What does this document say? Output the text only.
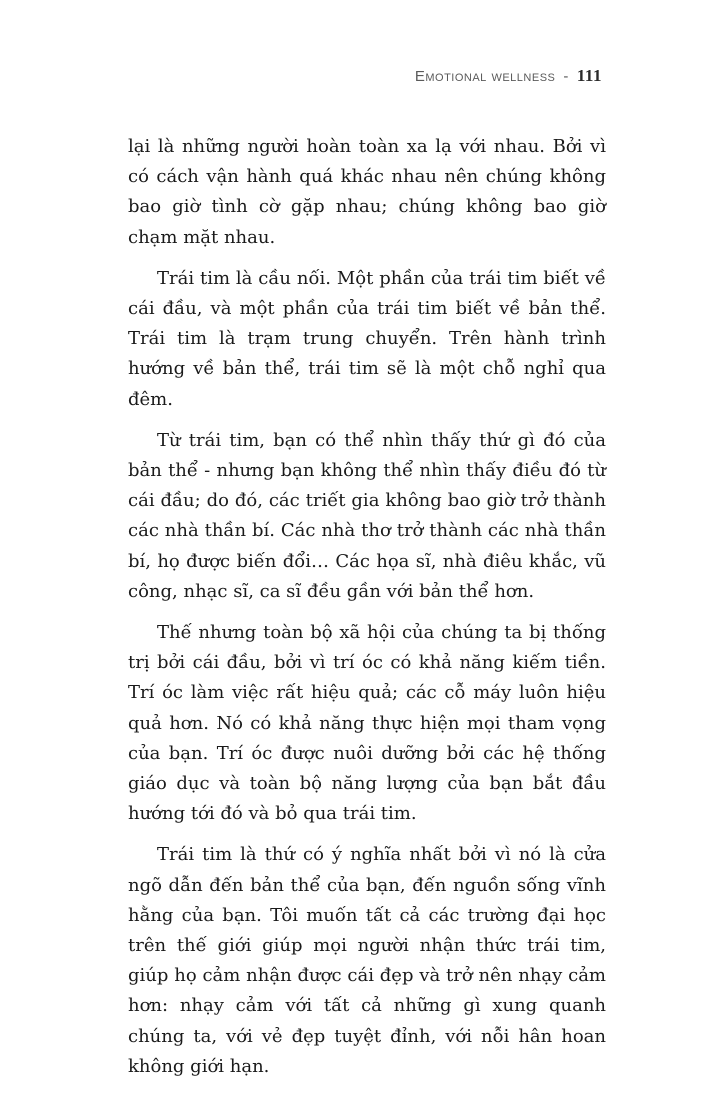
Emotional wellness - 111

lại là những người hoàn toàn xa lạ với nhau. Bởi vì có cách vận hành quá khác nhau nên chúng không bao giờ tình cờ gặp nhau; chúng không bao giờ chạm mặt nhau.

Trái tim là cầu nối. Một phần của trái tim biết về cái đầu, và một phần của trái tim biết về bản thể. Trái tim là trạm trung chuyển. Trên hành trình hướng về bản thể, trái tim sẽ là một chỗ nghỉ qua đêm.

Từ trái tim, bạn có thể nhìn thấy thứ gì đó của bản thể - nhưng bạn không thể nhìn thấy điều đó từ cái đầu; do đó, các triết gia không bao giờ trở thành các nhà thần bí. Các nhà thơ trở thành các nhà thần bí, họ được biến đổi… Các họa sĩ, nhà điêu khắc, vũ công, nhạc sĩ, ca sĩ đều gần với bản thể hơn.

Thế nhưng toàn bộ xã hội của chúng ta bị thống trị bởi cái đầu, bởi vì trí óc có khả năng kiếm tiền. Trí óc làm việc rất hiệu quả; các cỗ máy luôn hiệu quả hơn. Nó có khả năng thực hiện mọi tham vọng của bạn. Trí óc được nuôi dưỡng bởi các hệ thống giáo dục và toàn bộ năng lượng của bạn bắt đầu hướng tới đó và bỏ qua trái tim.

Trái tim là thứ có ý nghĩa nhất bởi vì nó là cửa ngõ dẫn đến bản thể của bạn, đến nguồn sống vĩnh hằng của bạn. Tôi muốn tất cả các trường đại học trên thế giới giúp mọi người nhận thức trái tim, giúp họ cảm nhận được cái đẹp và trở nên nhạy cảm hơn: nhạy cảm với tất cả những gì xung quanh chúng ta, với vẻ đẹp tuyệt đỉnh, với nỗi hân hoan không giới hạn.
